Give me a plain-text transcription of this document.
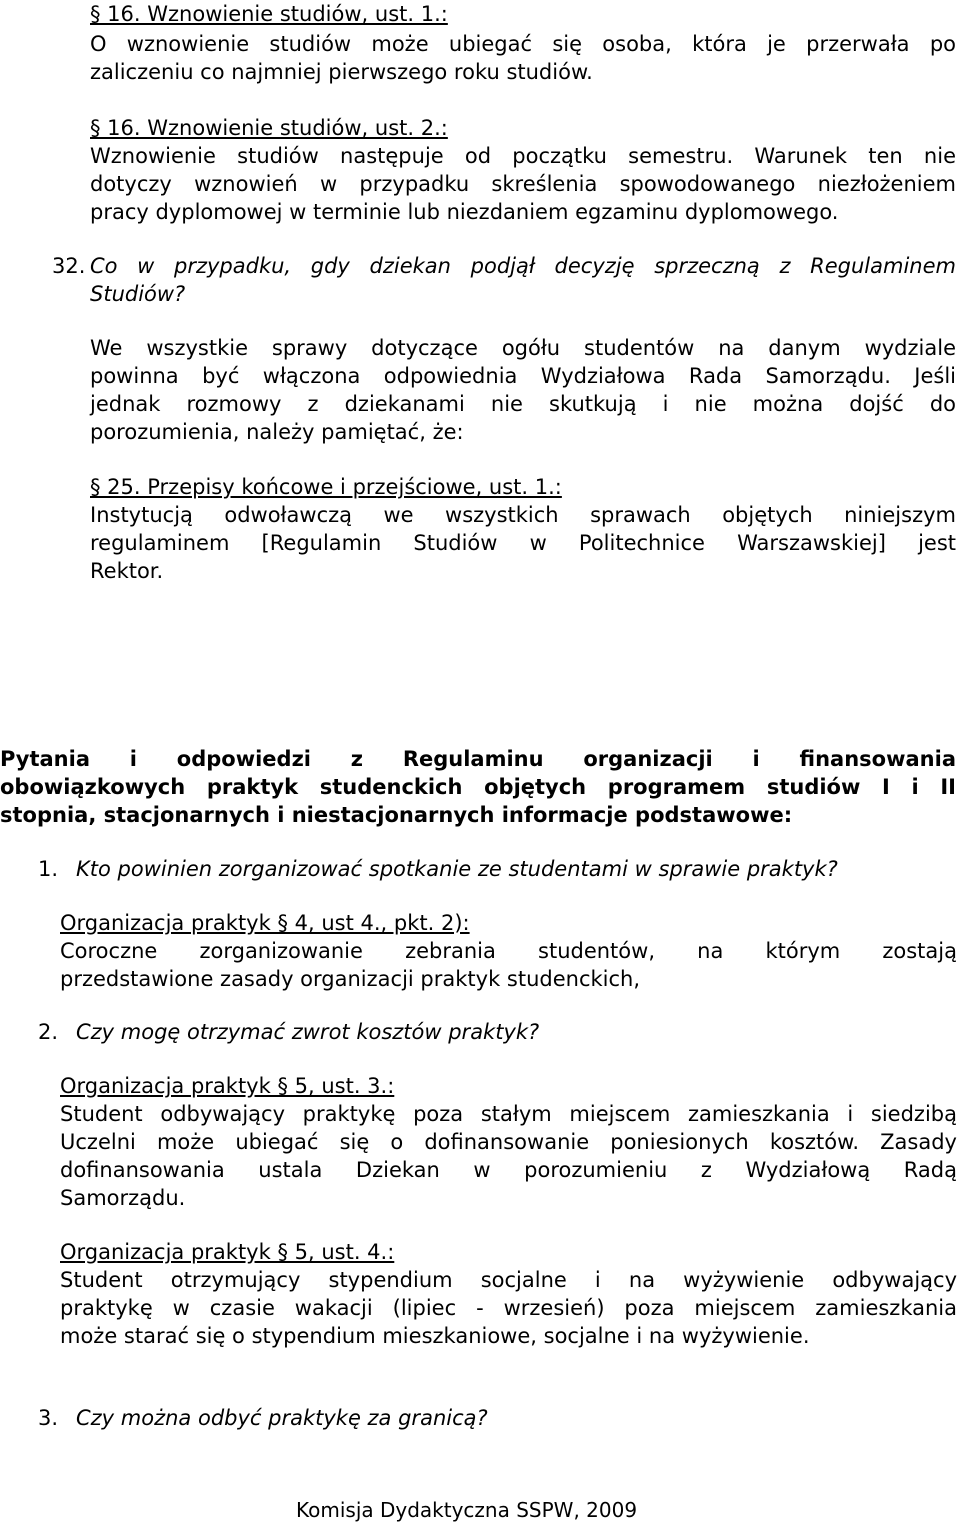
§ 16. Wznowienie studiów, ust. 1.:
O wznowienie studiów może ubiegać się osoba, która je przerwała po
zaliczeniu co najmniej pierwszego roku studiów.
§ 16. Wznowienie studiów, ust. 2.:
Wznowienie studiów następuje od początku semestru. Warunek ten nie
dotyczy wznowień w przypadku skreślenia spowodowanego niezłożeniem
pracy dyplomowej w terminie lub niezdaniem egzaminu dyplomowego.
32. Co w przypadku, gdy dziekan podjął decyzję sprzeczną z Regulaminem
Studiów?
We wszystkie sprawy dotyczące ogółu studentów na danym wydziale
powinna być włączona odpowiednia Wydziałowa Rada Samorządu. Jeśli
jednak rozmowy z dziekanami nie skutkują i nie można dojść do
porozumienia, należy pamiętać, że:
§ 25. Przepisy końcowe i przejściowe, ust. 1.:
Instytucją odwoławczą we wszystkich sprawach objętych niniejszym
regulaminem [Regulamin Studiów w Politechnice Warszawskiej] jest
Rektor.
Pytania i odpowiedzi z Regulaminu organizacji i finansowania
obowiązkowych praktyk studenckich objętych programem studiów I i II
stopnia, stacjonarnych i niestacjonarnych informacje podstawowe:
1. Kto powinien zorganizować spotkanie ze studentami w sprawie praktyk?
Organizacja praktyk § 4, ust 4., pkt. 2):
Coroczne zorganizowanie zebrania studentów, na którym zostają
przedstawione zasady organizacji praktyk studenckich,
2. Czy mogę otrzymać zwrot kosztów praktyk?
Organizacja praktyk § 5, ust. 3.:
Student odbywający praktykę poza stałym miejscem zamieszkania i siedzibą
Uczelni może ubiegać się o dofinansowanie poniesionych kosztów. Zasady
dofinansowania ustala Dziekan w porozumieniu z Wydziałową Radą
Samorządu.
Organizacja praktyk § 5, ust. 4.:
Student otrzymujący stypendium socjalne i na wyżywienie odbywający
praktykę w czasie wakacji (lipiec - wrzesień) poza miejscem zamieszkania
może starać się o stypendium mieszkaniowe, socjalne i na wyżywienie.
3. Czy można odbyć praktykę za granicą?
Komisja Dydaktyczna SSPW, 2009
